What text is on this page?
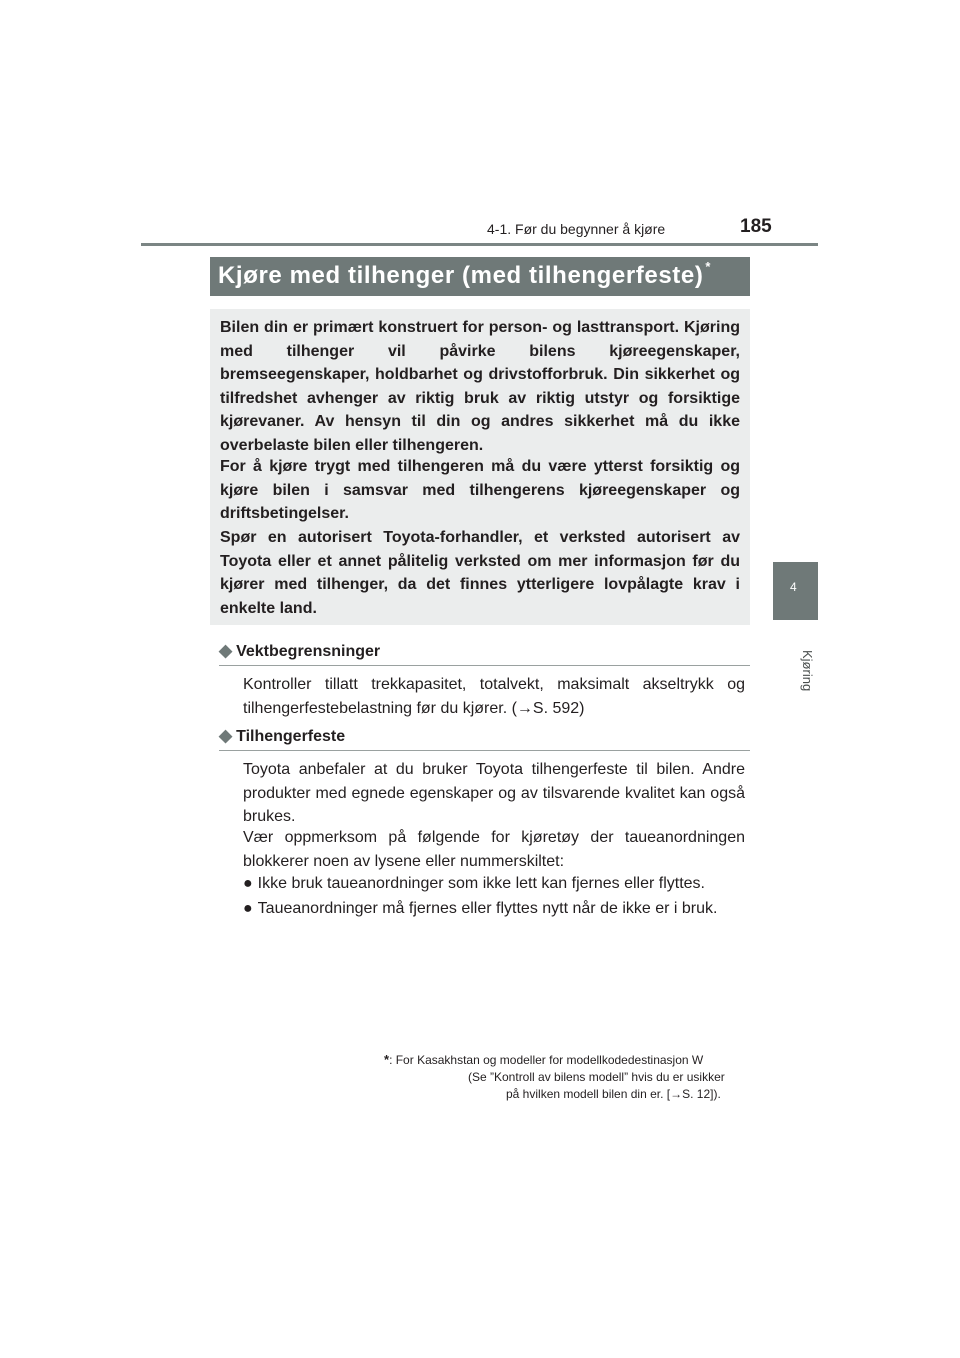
4-1. Før du begynner å kjøre	185
4
Kjøring
Kjøre med tilhenger (med tilhengerfeste) *

Bilen din er primært konstruert for person- og lasttransport. Kjøring med tilhenger vil påvirke bilens kjøreegenskaper, bremseegenskaper, holdbarhet og drivstofforbruk. Din sikkerhet og tilfredshet avhenger av riktig bruk av riktig utstyr og forsiktige kjørevaner. Av hensyn til din og andres sikkerhet må du ikke overbelaste bilen eller tilhengeren.

For å kjøre trygt med tilhengeren må du være ytterst forsiktig og kjøre bilen i samsvar med tilhengerens kjøreegenskaper og driftsbetingelser.

Spør en autorisert Toyota-forhandler, et verksted autorisert av Toyota eller et annet pålitelig verksted om mer informasjon før du kjører med tilhenger, da det finnes ytterligere lovpålagte krav i enkelte land.

◆ Vektbegrensninger

Kontroller tillatt trekkapasitet, totalvekt, maksimalt akseltrykk og tilhengerfestebelastning før du kjører. (→S. 592)

◆ Tilhengerfeste

Toyota anbefaler at du bruker Toyota tilhengerfeste til bilen. Andre produkter med egnede egenskaper og av tilsvarende kvalitet kan også brukes.

Vær oppmerksom på følgende for kjøretøy der taueanordningen blokkerer noen av lysene eller nummerskiltet:

● Ikke bruk taueanordninger som ikke lett kan fjernes eller flyttes.
● Taueanordninger må fjernes eller flyttes nytt når de ikke er i bruk.
*: For Kasakhstan og modeller for modellkodedestinasjon W
(Se ”Kontroll av bilens modell” hvis du er usikker
på hvilken modell bilen din er. [→S. 12]).
